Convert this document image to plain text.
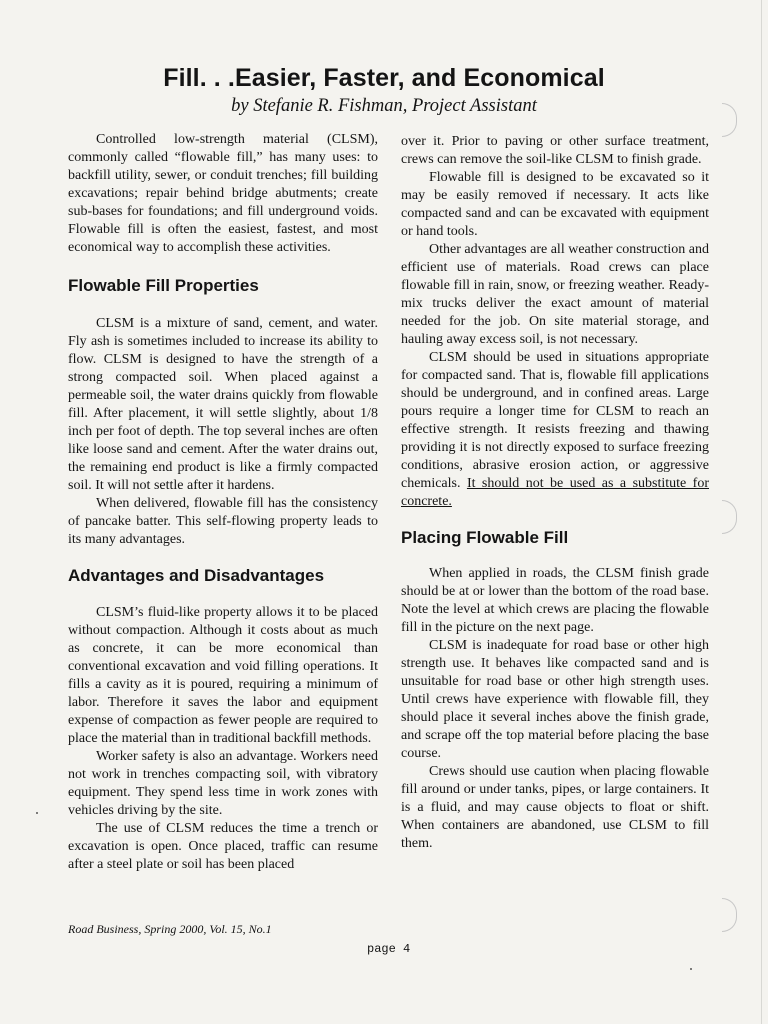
Fill. . .Easier, Faster, and Economical
by Stefanie R. Fishman, Project Assistant

Controlled low-strength material (CLSM), commonly called “flowable fill,” has many uses: to backfill utility, sewer, or conduit trenches; fill building excavations; repair behind bridge abutments; create sub-bases for foundations; and fill underground voids. Flowable fill is often the easiest, fastest, and most economical way to accomplish these activities.

Flowable Fill Properties

CLSM is a mixture of sand, cement, and water. Fly ash is sometimes included to increase its ability to flow. CLSM is designed to have the strength of a strong compacted soil. When placed against a permeable soil, the water drains quickly from flowable fill. After placement, it will settle slightly, about 1/8 inch per foot of depth. The top several inches are often like loose sand and cement. After the water drains out, the remaining end product is like a firmly compacted soil. It will not settle after it hardens.

When delivered, flowable fill has the consistency of pancake batter. This self-flowing property leads to its many advantages.

Advantages and Disadvantages

CLSM’s fluid-like property allows it to be placed without compaction. Although it costs about as much as concrete, it can be more economical than conventional excavation and void filling operations. It fills a cavity as it is poured, requiring a minimum of labor. Therefore it saves the labor and equipment expense of compaction as fewer people are required to place the material than in traditional backfill methods.

Worker safety is also an advantage. Workers need not work in trenches compacting soil, with vibratory equipment. They spend less time in work zones with vehicles driving by the site.

The use of CLSM reduces the time a trench or excavation is open. Once placed, traffic can resume after a steel plate or soil has been placed

over it. Prior to paving or other surface treatment, crews can remove the soil-like CLSM to finish grade.

Flowable fill is designed to be excavated so it may be easily removed if necessary. It acts like compacted sand and can be excavated with equipment or hand tools.

Other advantages are all weather construction and efficient use of materials. Road crews can place flowable fill in rain, snow, or freezing weather. Ready-mix trucks deliver the exact amount of material needed for the job. On site material storage, and hauling away excess soil, is not necessary.

CLSM should be used in situations appropriate for compacted sand. That is, flowable fill applications should be underground, and in confined areas. Large pours require a longer time for CLSM to reach an effective strength. It resists freezing and thawing providing it is not directly exposed to surface freezing conditions, abrasive erosion action, or aggressive chemicals. It should not be used as a substitute for concrete.

Placing Flowable Fill

When applied in roads, the CLSM finish grade should be at or lower than the bottom of the road base. Note the level at which crews are placing the flowable fill in the picture on the next page.

CLSM is inadequate for road base or other high strength use. It behaves like compacted sand and is unsuitable for road base or other high strength uses. Until crews have experience with flowable fill, they should place it several inches above the finish grade, and scrape off the top material before placing the base course.

Crews should use caution when placing flowable fill around or under tanks, pipes, or large containers. It is a fluid, and may cause objects to float or shift. When containers are abandoned, use CLSM to fill them.

Road Business, Spring 2000, Vol. 15, No.1
page 4
